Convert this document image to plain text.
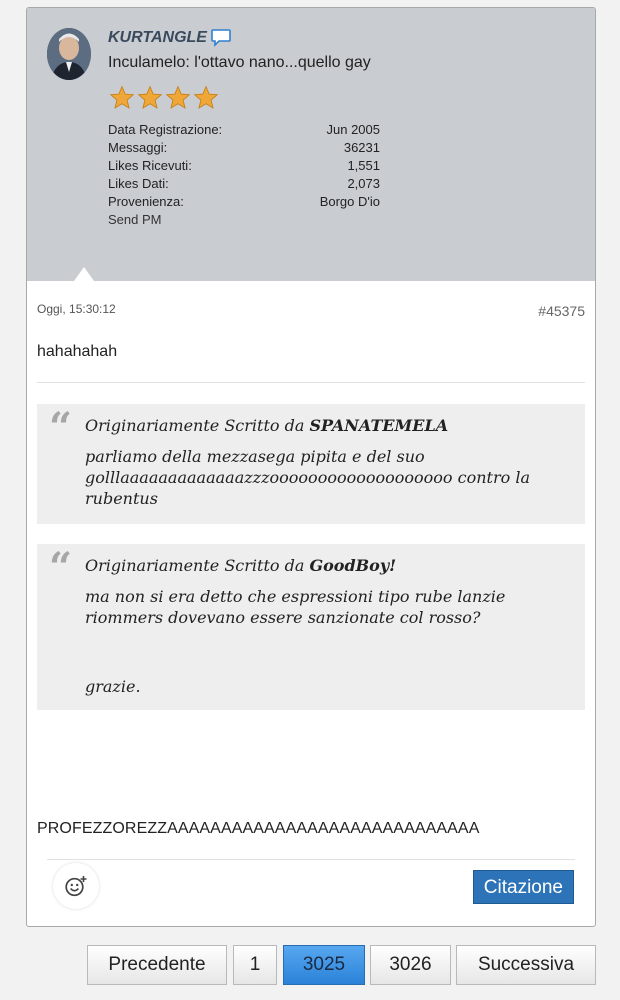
KURTANGLE
Inculamelo: l'ottavo nano...quello gay
Data Registrazione:	Jun 2005
Messaggi:	36231
Likes Ricevuti:	1,551
Likes Dati:	2,073
Provenienza:	Borgo D'io
Send PM
Oggi, 15:30:12	#45375
hahahahah
“ Originariamente Scritto da SPANATEMELA
parliamo della mezzasega pipita e del suo
golllaaaaaaaaaaaaazzzooooooooooooooooooo contro la
rubentus
“ Originariamente Scritto da GoodBoy!
ma non si era detto che espressioni tipo rube lanzie
riommers dovevano essere sanzionate col rosso?
grazie.
PROFEZZOREZZAAAAAAAAAAAAAAAAAAAAAAAAAAAAA
Citazione
Precedente	1	3025	3026	Successiva
